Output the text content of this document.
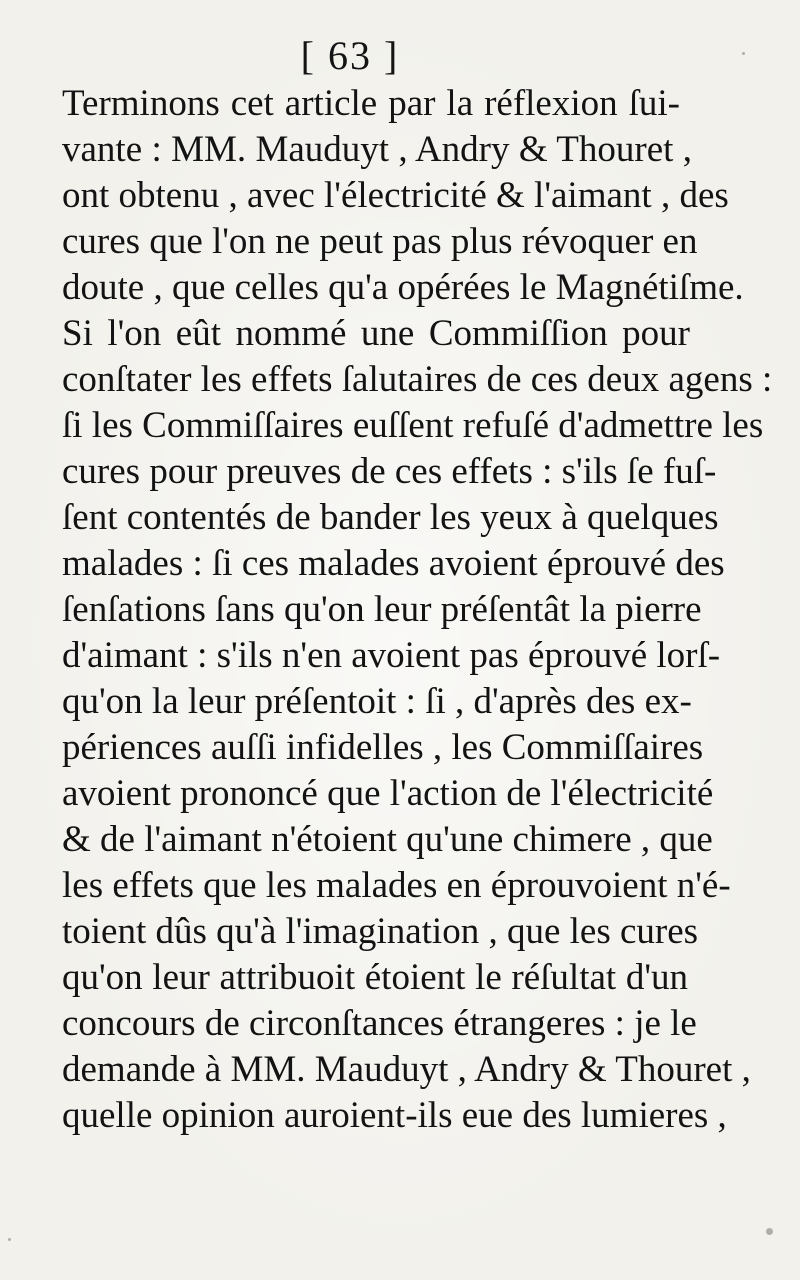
[ 63 ]
Terminons cet article par la réflexion ſui-
vante : MM. Mauduyt , Andry & Thouret ,
ont obtenu , avec l'électricité & l'aimant , des
cures que l'on ne peut pas plus révoquer en
doute , que celles qu'a opérées le Magnétiſme.
Si l'on eût nommé une Commiſſion pour
conſtater les effets ſalutaires de ces deux agens :
ſi les Commiſſaires euſſent refuſé d'admettre les
cures pour preuves de ces effets : s'ils ſe fuſ-
ſent contentés de bander les yeux à quelques
malades : ſi ces malades avoient éprouvé des
ſenſations ſans qu'on leur préſentât la pierre
d'aimant : s'ils n'en avoient pas éprouvé lorſ-
qu'on la leur préſentoit : ſi , d'après des ex-
périences auſſi infidelles , les Commiſſaires
avoient prononcé que l'action de l'électricité
& de l'aimant n'étoient qu'une chimere , que
les effets que les malades en éprouvoient n'é-
toient dûs qu'à l'imagination , que les cures
qu'on leur attribuoit étoient le réſultat d'un
concours de circonſtances étrangeres : je le
demande à MM. Mauduyt , Andry & Thouret ,
quelle opinion auroient-ils eue des lumieres ,
